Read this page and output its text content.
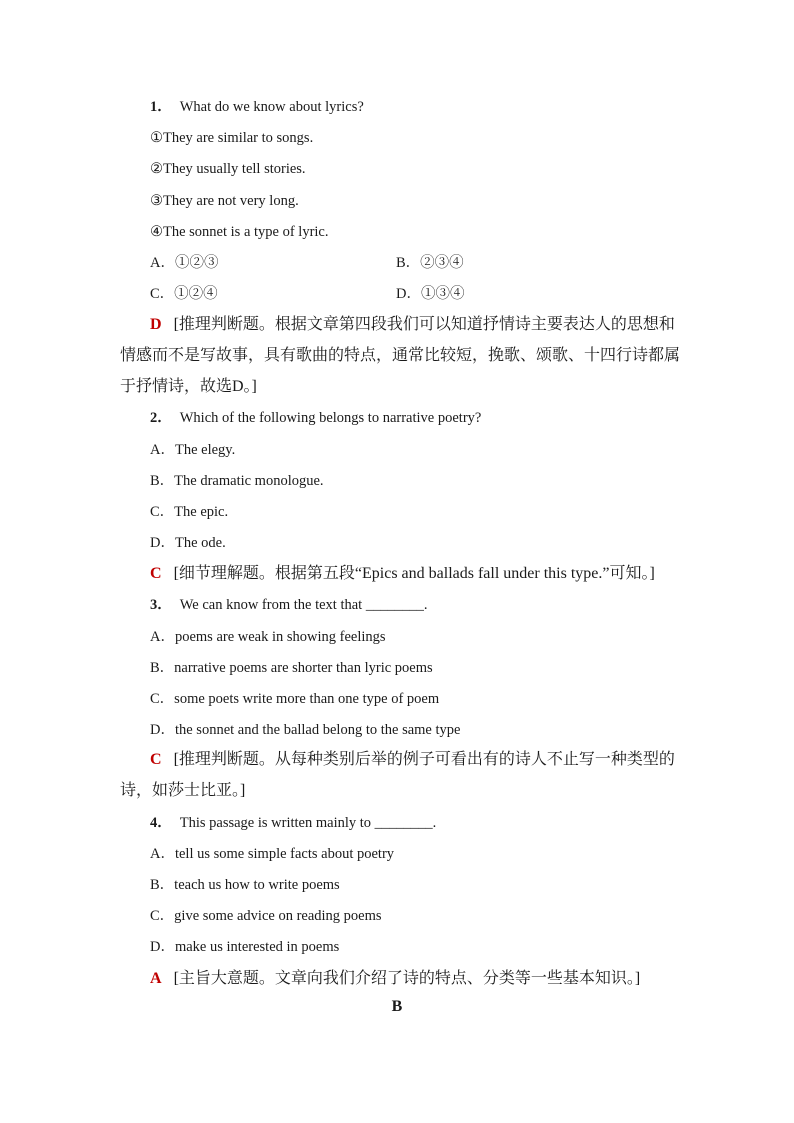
1． What do we know about lyrics?
①They are similar to songs.
②They usually tell stories.
③They are not very long.
④The sonnet is a type of lyric.
A．①②③	B．②③④
C．①②④	D．①③④
D [推理判断题。根据文章第四段我们可以知道抒情诗主要表达人的思想和情感而不是写故事，具有歌曲的特点，通常比较短，挽歌、颂歌、十四行诗都属于抒情诗，故选D。]
2． Which of the following belongs to narrative poetry?
A．The elegy.
B．The dramatic monologue.
C．The epic.
D．The ode.
C [细节理解题。根据第五段“Epics and ballads fall under this type.”可知。]
3． We can know from the text that ________.
A．poems are weak in showing feelings
B．narrative poems are shorter than lyric poems
C．some poets write more than one type of poem
D．the sonnet and the ballad belong to the same type
C [推理判断题。从每种类别后举的例子可看出有的诗人不止写一种类型的诗，如莎士比亚。]
4． This passage is written mainly to ________.
A．tell us some simple facts about poetry
B．teach us how to write poems
C．give some advice on reading poems
D．make us interested in poems
A [主旨大意题。文章向我们介绍了诗的特点、分类等一些基本知识。]
B
